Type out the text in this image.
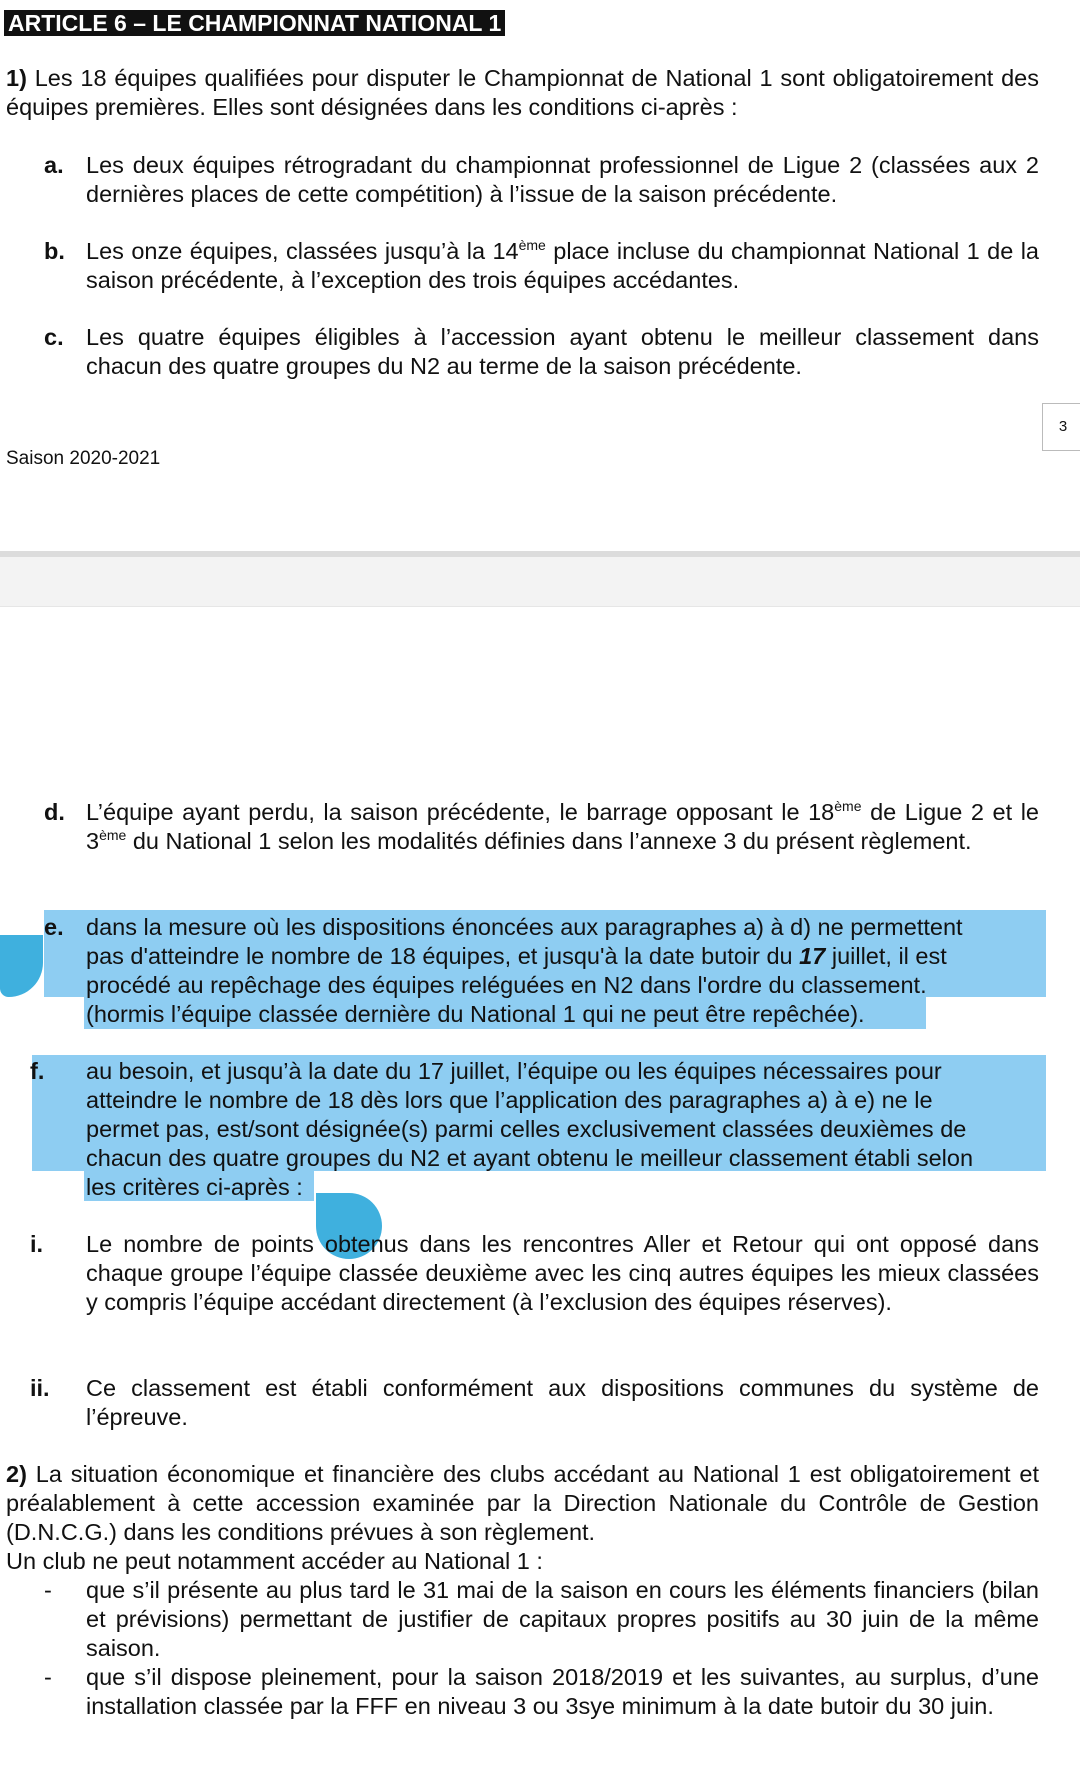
ARTICLE 6 – LE CHAMPIONNAT NATIONAL 1
1) Les 18 équipes qualifiées pour disputer le Championnat de National 1 sont obligatoirement des équipes premières. Elles sont désignées dans les conditions ci-après :
a. Les deux équipes rétrogradant du championnat professionnel de Ligue 2 (classées aux 2 dernières places de cette compétition) à l’issue de la saison précédente.
b. Les onze équipes, classées jusqu’à la 14ème place incluse du championnat National 1 de la saison précédente, à l’exception des trois équipes accédantes.
c. Les quatre équipes éligibles à l’accession ayant obtenu le meilleur classement dans chacun des quatre groupes du N2 au terme de la saison précédente.
3
Saison 2020-2021
d. L’équipe ayant perdu, la saison précédente, le barrage opposant le 18ème de Ligue 2 et le 3ème du National 1 selon les modalités définies dans l’annexe 3 du présent règlement.
e. dans la mesure où les dispositions énoncées aux paragraphes a) à d) ne permettent
pas d'atteindre le nombre de 18 équipes, et jusqu'à la date butoir du 17 juillet, il est
procédé au repêchage des équipes reléguées en N2 dans l'ordre du classement.
(hormis l’équipe classée dernière du National 1 qui ne peut être repêchée).
f. au besoin, et jusqu’à la date du 17 juillet, l’équipe ou les équipes nécessaires pour
atteindre le nombre de 18 dès lors que l’application des paragraphes a) à e) ne le
permet pas, est/sont désignée(s) parmi celles exclusivement classées deuxièmes de
chacun des quatre groupes du N2 et ayant obtenu le meilleur classement établi selon
les critères ci-après :
i. Le nombre de points obtenus dans les rencontres Aller et Retour qui ont opposé dans chaque groupe l’équipe classée deuxième avec les cinq autres équipes les mieux classées y compris l’équipe accédant directement (à l’exclusion des équipes réserves).
ii. Ce classement est établi conformément aux dispositions communes du système de l’épreuve.
2) La situation économique et financière des clubs accédant au National 1 est obligatoirement et préalablement à cette accession examinée par la Direction Nationale du Contrôle de Gestion (D.N.C.G.) dans les conditions prévues à son règlement.
Un club ne peut notamment accéder au National 1 :
- que s’il présente au plus tard le 31 mai de la saison en cours les éléments financiers (bilan et prévisions) permettant de justifier de capitaux propres positifs au 30 juin de la même saison.
- que s’il dispose pleinement, pour la saison 2018/2019 et les suivantes, au surplus, d’une installation classée par la FFF en niveau 3 ou 3sye minimum à la date butoir du 30 juin.
